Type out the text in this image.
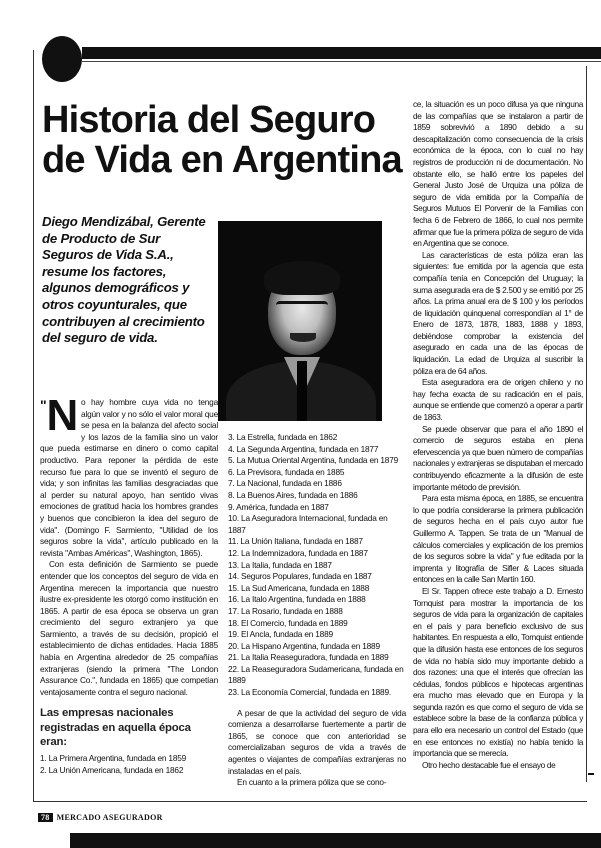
Historia del Seguro de Vida en Argentina
Diego Mendizábal, Gerente de Producto de Sur Seguros de Vida S.A., resume los factores, algunos demográficos y otros coyunturales, que contribuyen al crecimiento del seguro de vida.

"N o hay hombre cuya vida no tenga algún valor y no sólo el valor moral que se pesa en la balanza del afecto social y los lazos de la familia sino un valor que pueda estimarse en dinero o como capital productivo. Para reponer la pérdida de este recurso fue para lo que se inventó el seguro de vida; y son infinitas las familias desgraciadas que al perder su natural apoyo, han sentido vivas emociones de gratitud hacia los hombres grandes y buenos que concibieron la idea del seguro de vida". (Domingo F. Sarmiento, "Utilidad de los seguros sobre la vida", artículo publicado en la revista "Ambas Américas", Washington, 1865).

Con esta definición de Sarmiento se puede entender que los conceptos del seguro de vida en Argentina merecen la importancia que nuestro ilustre ex-presidente les otorgó como institución en 1865. A partir de esa época se observa un gran crecimiento del seguro extranjero ya que Sarmiento, a través de su decisión, propició el establecimiento de dichas entidades. Hacia 1885 había en Argentina alrededor de 25 compañías extranjeras (siendo la primera "The London Assurance Co.", fundada en 1865) que competían ventajosamente contra el seguro nacional.

Las empresas nacionales registradas en aquella época eran:
1. La Primera Argentina, fundada en 1859
2. La Unión Americana, fundada en 1862
3. La Estrella, fundada en 1862
4. La Segunda Argentina, fundada en 1877
5. La Mutua Oriental Argentina, fundada en 1879
6. La Previsora, fundada en 1885
7. La Nacional, fundada en 1886
8. La Buenos Aires, fundada en 1886
9. América, fundada en 1887
10. La Aseguradora Internacional, fundada en 1887
11. La Unión Italiana, fundada en 1887
12. La Indemnizadora, fundada en 1887
13. La Italia, fundada en 1887
14. Seguros Populares, fundada en 1887
15. La Sud Americana, fundada en 1888
16. La Italo Argentina, fundada en 1888
17. La Rosario, fundada en 1888
18. El Comercio, fundada en 1889
19. El Ancla, fundada en 1889
20. La Hispano Argentina, fundada en 1889
21. La Italia Reaseguradora, fundada en 1889
22. La Reaseguradora Sudamericana, fundada en 1889
23. La Economía Comercial, fundada en 1889.

A pesar de que la actividad del seguro de vida comienza a desarrollarse fuertemente a partir de 1865, se conoce que con anterioridad se comercializaban seguros de vida a través de agentes o viajantes de compañías extranjeras no instaladas en el país.

En cuanto a la primera póliza que se cono-

ce, la situación es un poco difusa ya que ninguna de las compañías que se instalaron a partir de 1859 sobrevivió a 1890 debido a su descapitalización como consecuencia de la crisis económica de la época, con lo cual no hay registros de producción ni de documentación. No obstante ello, se halló entre los papeles del General Justo José de Urquiza una póliza de seguro de vida emitida por la Compañía de Seguros Mutuos El Porvenir de la Familias con fecha 6 de Febrero de 1866, lo cual nos permite afirmar que fue la primera póliza de seguro de vida en Argentina que se conoce.

Las características de esta póliza eran las siguientes: fue emitida por la agencia que esta compañía tenía en Concepción del Uruguay; la suma asegurada era de $ 2.500 y se emitió por 25 años. La prima anual era de $ 100 y los períodos de liquidación quinquenal correspondían al 1° de Enero de 1873, 1878, 1883, 1888 y 1893, debiéndose comprobar la existencia del asegurado en cada una de las épocas de liquidación. La edad de Urquiza al suscribir la póliza era de 64 años.

Esta aseguradora era de origen chileno y no hay fecha exacta de su radicación en el país, aunque se entiende que comenzó a operar a partir de 1863.

Se puede observar que para el año 1890 el comercio de seguros estaba en plena efervescencia ya que buen número de compañías nacionales y extranjeras se disputaban el mercado contribuyendo eficazmente a la difusión de este importante método de previsión.

Para esta misma época, en 1885, se encuentra lo que podría considerarse la primera publicación de seguros hecha en el país cuyo autor fue Guillermo A. Tappen. Se trata de un "Manual de cálculos comerciales y explicación de los premios de los seguros sobre la vida" y fue editada por la imprenta y litografía de Sifler & Laces situada entonces en la calle San Martín 160.

El Sr. Tappen ofrece este trabajo a D. Ernesto Tornquist para mostrar la importancia de los seguros de vida para la organización de capitales en el país y para beneficio exclusivo de sus habitantes. En respuesta a ello, Tornquist entiende que la difusión hasta ese entonces de los seguros de vida no había sido muy importante debido a dos razones: una que el interés que ofrecían las cédulas, fondos públicos e hipotecas argentinas era mucho mas elevado que en Europa y la segunda razón es que como el seguro de vida se establece sobre la base de la confianza pública y para ello era necesario un control del Estado (que en ese entonces no existía) no había tenido la importancia que se merecía.

Otro hecho destacable fue el ensayo de

78 MERCADO ASEGURADOR
